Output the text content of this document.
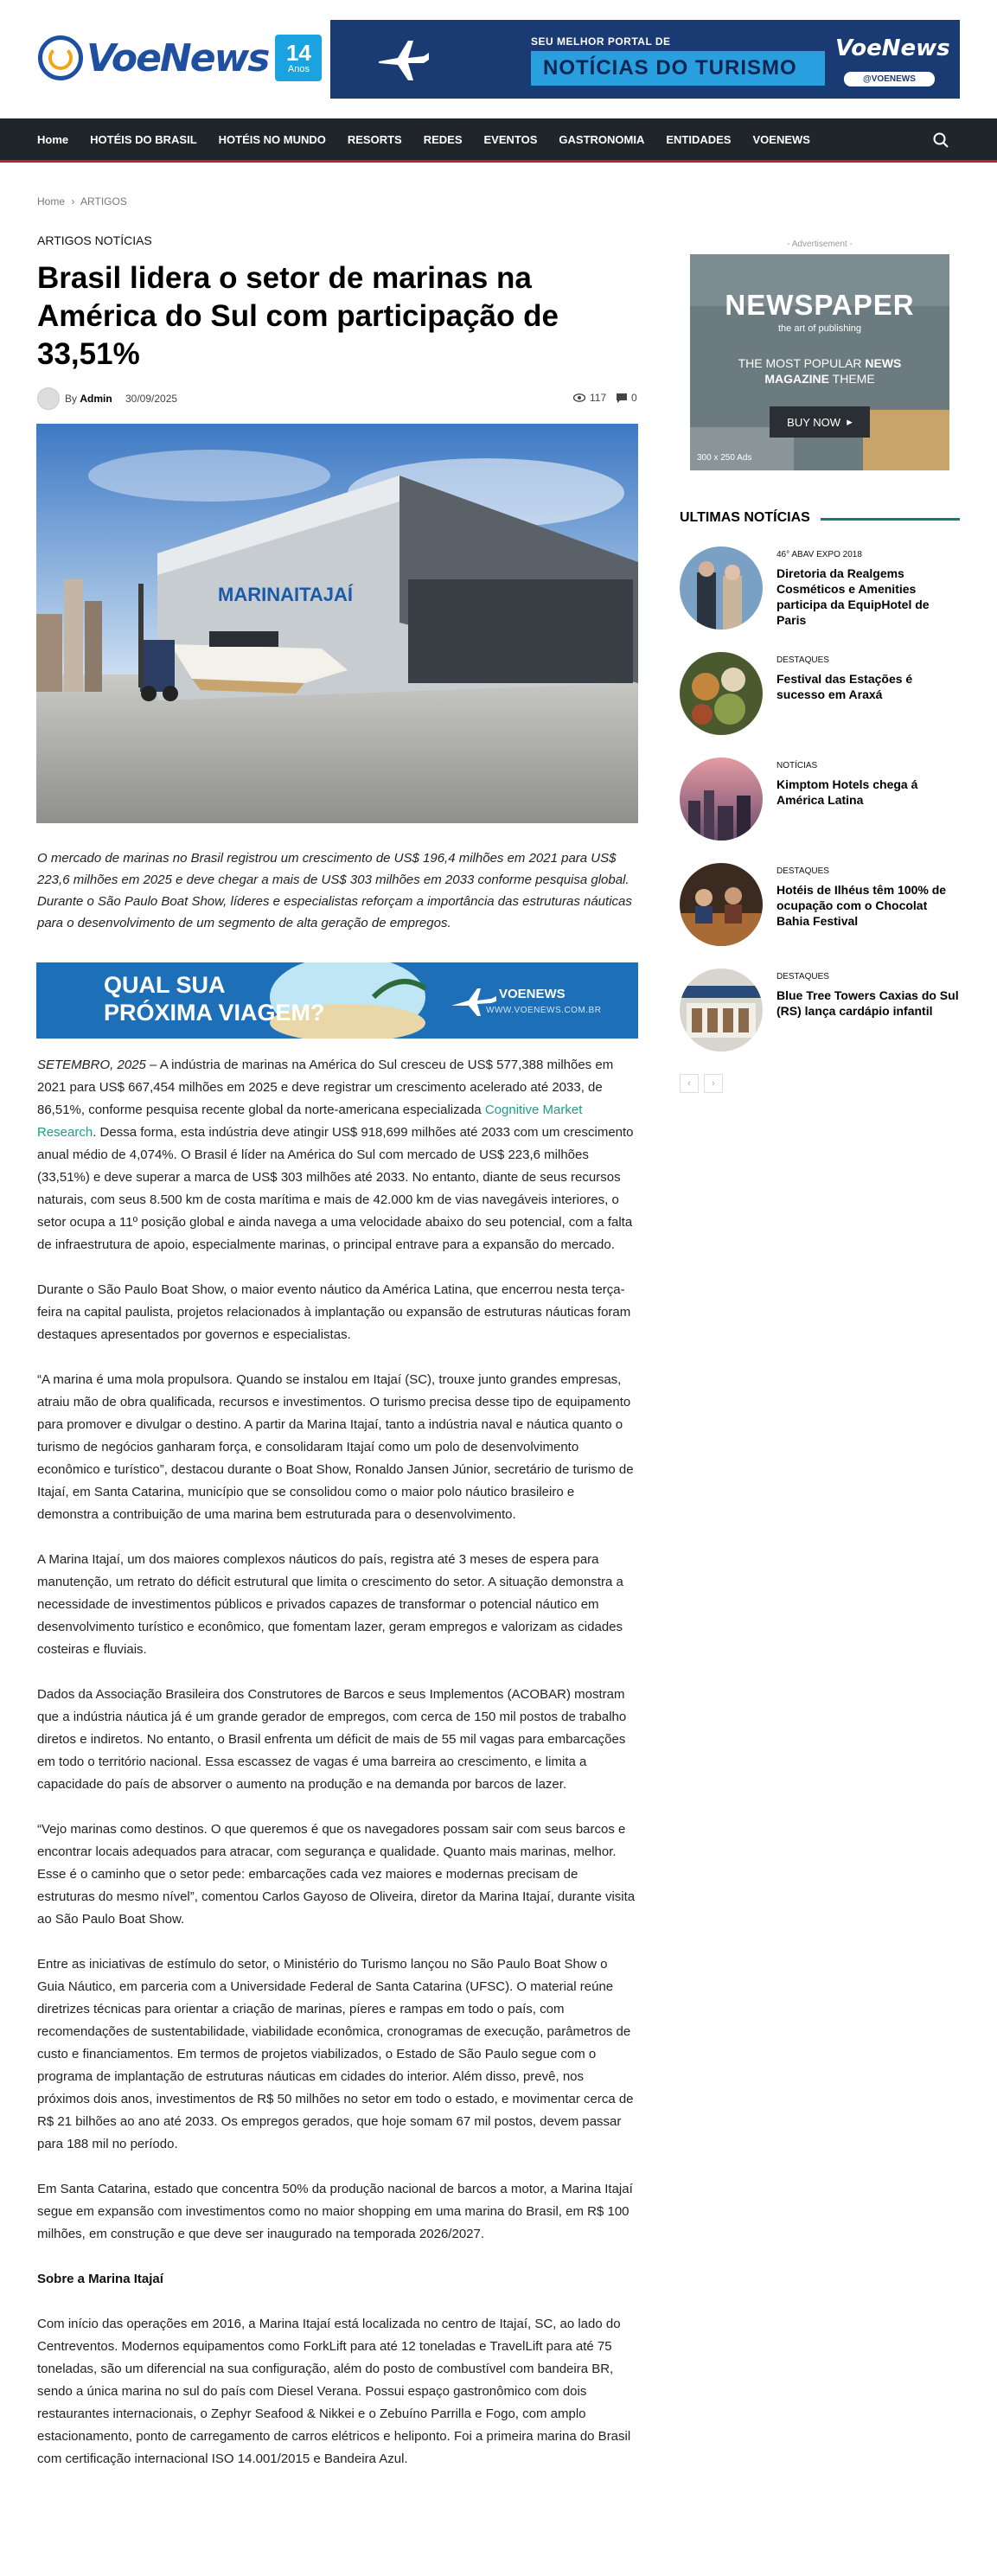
VoeNews 14
Anos
SEU MELHOR PORTAL DE
NOTÍCIAS DO TURISMO
VoeNews
@VOENEWS
Home HOTÉIS DO BRASIL HOTÉIS NO MUNDO RESORTS REDES EVENTOS GASTRONOMIA ENTIDADES VOENEWS
Home › ARTIGOS
ARTIGOS NOTÍCIAS
Brasil lidera o setor de marinas na América do Sul com participação de 33,51%
By Admin 30/09/2025	117 0
MARINAITAJAÍ

O mercado de marinas no Brasil registrou um crescimento de US$ 196,4 milhões em 2021 para US$ 223,6 milhões em 2025 e deve chegar a mais de US$ 303 milhões em 2033 conforme pesquisa global. Durante o São Paulo Boat Show, líderes e especialistas reforçam a importância das estruturas náuticas para o desenvolvimento de um segmento de alta geração de empregos.

QUAL SUA
PRÓXIMA VIAGEM?
VOENEWS
WWW.VOENEWS.COM.BR

SETEMBRO, 2025 – A indústria de marinas na América do Sul cresceu de US$ 577,388 milhões em 2021 para US$ 667,454 milhões em 2025 e deve registrar um crescimento acelerado até 2033, de 86,51%, conforme pesquisa recente global da norte-americana especializada Cognitive Market Research. Dessa forma, esta indústria deve atingir US$ 918,699 milhões até 2033 com um crescimento anual médio de 4,074%. O Brasil é líder na América do Sul com mercado de US$ 223,6 milhões (33,51%) e deve superar a marca de US$ 303 milhões até 2033. No entanto, diante de seus recursos naturais, com seus 8.500 km de costa marítima e mais de 42.000 km de vias navegáveis interiores, o setor ocupa a 11º posição global e ainda navega a uma velocidade abaixo do seu potencial, com a falta de infraestrutura de apoio, especialmente marinas, o principal entrave para a expansão do mercado.

Durante o São Paulo Boat Show, o maior evento náutico da América Latina, que encerrou nesta terça-feira na capital paulista, projetos relacionados à implantação ou expansão de estruturas náuticas foram destaques apresentados por governos e especialistas.

“A marina é uma mola propulsora. Quando se instalou em Itajaí (SC), trouxe junto grandes empresas, atraiu mão de obra qualificada, recursos e investimentos. O turismo precisa desse tipo de equipamento para promover e divulgar o destino. A partir da Marina Itajaí, tanto a indústria naval e náutica quanto o turismo de negócios ganharam força, e consolidaram Itajaí como um polo de desenvolvimento econômico e turístico”, destacou durante o Boat Show, Ronaldo Jansen Júnior, secretário de turismo de Itajaí, em Santa Catarina, município que se consolidou como o maior polo náutico brasileiro e demonstra a contribuição de uma marina bem estruturada para o desenvolvimento.

A Marina Itajaí, um dos maiores complexos náuticos do país, registra até 3 meses de espera para manutenção, um retrato do déficit estrutural que limita o crescimento do setor. A situação demonstra a necessidade de investimentos públicos e privados capazes de transformar o potencial náutico em desenvolvimento turístico e econômico, que fomentam lazer, geram empregos e valorizam as cidades costeiras e fluviais.

Dados da Associação Brasileira dos Construtores de Barcos e seus Implementos (ACOBAR) mostram que a indústria náutica já é um grande gerador de empregos, com cerca de 150 mil postos de trabalho diretos e indiretos. No entanto, o Brasil enfrenta um déficit de mais de 55 mil vagas para embarcações em todo o território nacional. Essa escassez de vagas é uma barreira ao crescimento, e limita a capacidade do país de absorver o aumento na produção e na demanda por barcos de lazer.

“Vejo marinas como destinos. O que queremos é que os navegadores possam sair com seus barcos e encontrar locais adequados para atracar, com segurança e qualidade. Quanto mais marinas, melhor. Esse é o caminho que o setor pede: embarcações cada vez maiores e modernas precisam de estruturas do mesmo nível”, comentou Carlos Gayoso de Oliveira, diretor da Marina Itajaí, durante visita ao São Paulo Boat Show.

Entre as iniciativas de estímulo do setor, o Ministério do Turismo lançou no São Paulo Boat Show o Guia Náutico, em parceria com a Universidade Federal de Santa Catarina (UFSC). O material reúne diretrizes técnicas para orientar a criação de marinas, píeres e rampas em todo o país, com recomendações de sustentabilidade, viabilidade econômica, cronogramas de execução, parâmetros de custo e financiamentos. Em termos de projetos viabilizados, o Estado de São Paulo segue com o programa de implantação de estruturas náuticas em cidades do interior. Além disso, prevê, nos próximos dois anos, investimentos de R$ 50 milhões no setor em todo o estado, e movimentar cerca de R$ 21 bilhões ao ano até 2033. Os empregos gerados, que hoje somam 67 mil postos, devem passar para 188 mil no período.

Em Santa Catarina, estado que concentra 50% da produção nacional de barcos a motor, a Marina Itajaí segue em expansão com investimentos como no maior shopping em uma marina do Brasil, em R$ 100 milhões, em construção e que deve ser inaugurado na temporada 2026/2027.

Sobre a Marina Itajaí

Com início das operações em 2016, a Marina Itajaí está localizada no centro de Itajaí, SC, ao lado do Centreventos. Modernos equipamentos como ForkLift para até 12 toneladas e TravelLift para até 75 toneladas, são um diferencial na sua configuração, além do posto de combustível com bandeira BR, sendo a única marina no sul do país com Diesel Verana. Possui espaço gastronômico com dois restaurantes internacionais, o Zephyr Seafood & Nikkei e o Zebuíno Parrilla e Fogo, com amplo estacionamento, ponto de carregamento de carros elétricos e heliponto. Foi a primeira marina do Brasil com certificação internacional ISO 14.001/2015 e Bandeira Azul.

- Advertisement -
NEWSPAPER
the art of publishing
THE MOST POPULAR NEWS
MAGAZINE THEME
BUY NOW
▸
300 x 250 Ads
ULTIMAS NOTÍCIAS
46° ABAV EXPO 2018
Diretoria da Realgems Cosméticos e Amenities participa da EquipHotel de Paris
DESTAQUES
Festival das Estações é sucesso em Araxá
NOTÍCIAS
Kimptom Hotels chega á América Latina
DESTAQUES
Hotéis de Ilhéus têm 100% de ocupação com o Chocolat Bahia Festival
DESTAQUES
Blue Tree Towers Caxias do Sul (RS) lança cardápio infantil
‹	›
